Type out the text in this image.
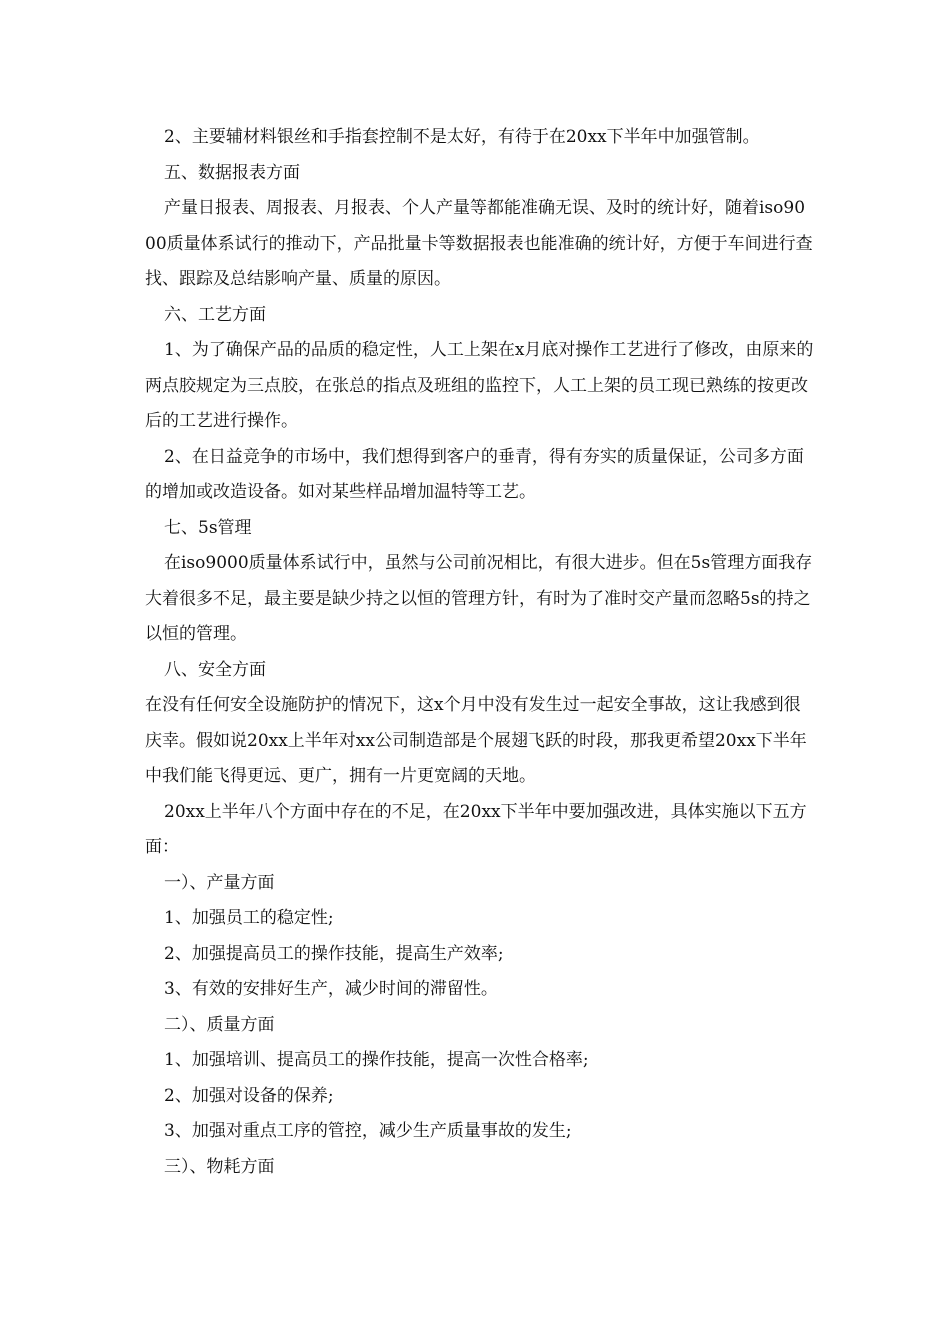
2、主要辅材料银丝和手指套控制不是太好，有待于在20xx下半年中加强管制。

五、数据报表方面

产量日报表、周报表、月报表、个人产量等都能准确无误、及时的统计好，随着iso9000质量体系试行的推动下，产品批量卡等数据报表也能准确的统计好，方便于车间进行查找、跟踪及总结影响产量、质量的原因。

六、工艺方面

1、为了确保产品的品质的稳定性，人工上架在x月底对操作工艺进行了修改，由原来的两点胶规定为三点胶，在张总的指点及班组的监控下，人工上架的员工现已熟练的按更改后的工艺进行操作。

2、在日益竞争的市场中，我们想得到客户的垂青，得有夯实的质量保证，公司多方面的增加或改造设备。如对某些样品增加温特等工艺。

七、5s管理

在iso9000质量体系试行中，虽然与公司前况相比，有很大进步。但在5s管理方面我存大着很多不足，最主要是缺少持之以恒的管理方针，有时为了准时交产量而忽略5s的持之以恒的管理。

八、安全方面

在没有任何安全设施防护的情况下，这x个月中没有发生过一起安全事故，这让我感到很庆幸。假如说20xx上半年对xx公司制造部是个展翅飞跃的时段，那我更希望20xx下半年中我们能飞得更远、更广，拥有一片更宽阔的天地。

20xx上半年八个方面中存在的不足，在20xx下半年中要加强改进，具体实施以下五方面：

一）、产量方面

1、加强员工的稳定性;

2、加强提高员工的操作技能，提高生产效率;

3、有效的安排好生产，减少时间的滞留性。

二）、质量方面

1、加强培训、提高员工的操作技能，提高一次性合格率;

2、加强对设备的保养;

3、加强对重点工序的管控，减少生产质量事故的发生;

三）、物耗方面
